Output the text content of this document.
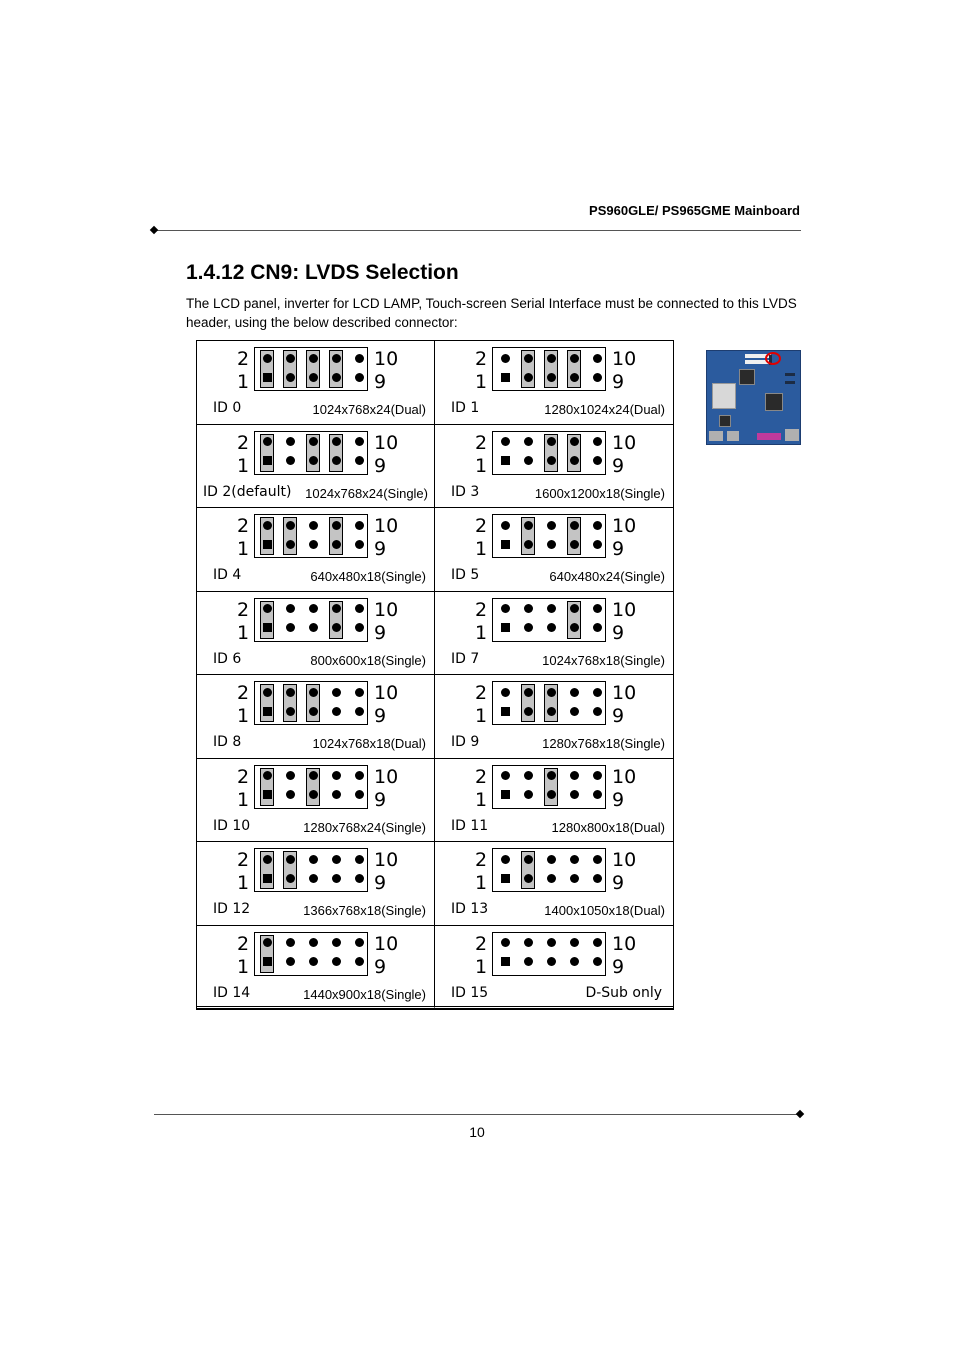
PS960GLE/ PS965GME Mainboard
1.4.12 CN9: LVDS Selection

The LCD panel, inverter for LCD LAMP, Touch-screen Serial Interface must be connected to this LVDS header, using the below described connector:

2
1
10
9
ID 0	1024x768x24(Dual)
2
1
10
9
ID 1	1280x1024x24(Dual)
2
1
10
9
ID 2(default) 1024x768x24(Single)
2
1
10
9
ID 3	1600x1200x18(Single)
2
1
10
9
ID 4	640x480x18(Single)
2
1
10
9
ID 5	640x480x24(Single)
2
1
10
9
ID 6	800x600x18(Single)
2
1
10
9
ID 7	1024x768x18(Single)
2
1
10
9
ID 8	1024x768x18(Dual)
2
1
10
9
ID 9	1280x768x18(Single)
2
1
10
9
ID 10	1280x768x24(Single)
2
1
10
9
ID 11	1280x800x18(Dual)
2
1
10
9
ID 12	1366x768x18(Single)
2
1
10
9
ID 13	1400x1050x18(Dual)
2
1
10
9
ID 14	1440x900x18(Single)
2
1
10
9
ID 15	D-Sub only
10
